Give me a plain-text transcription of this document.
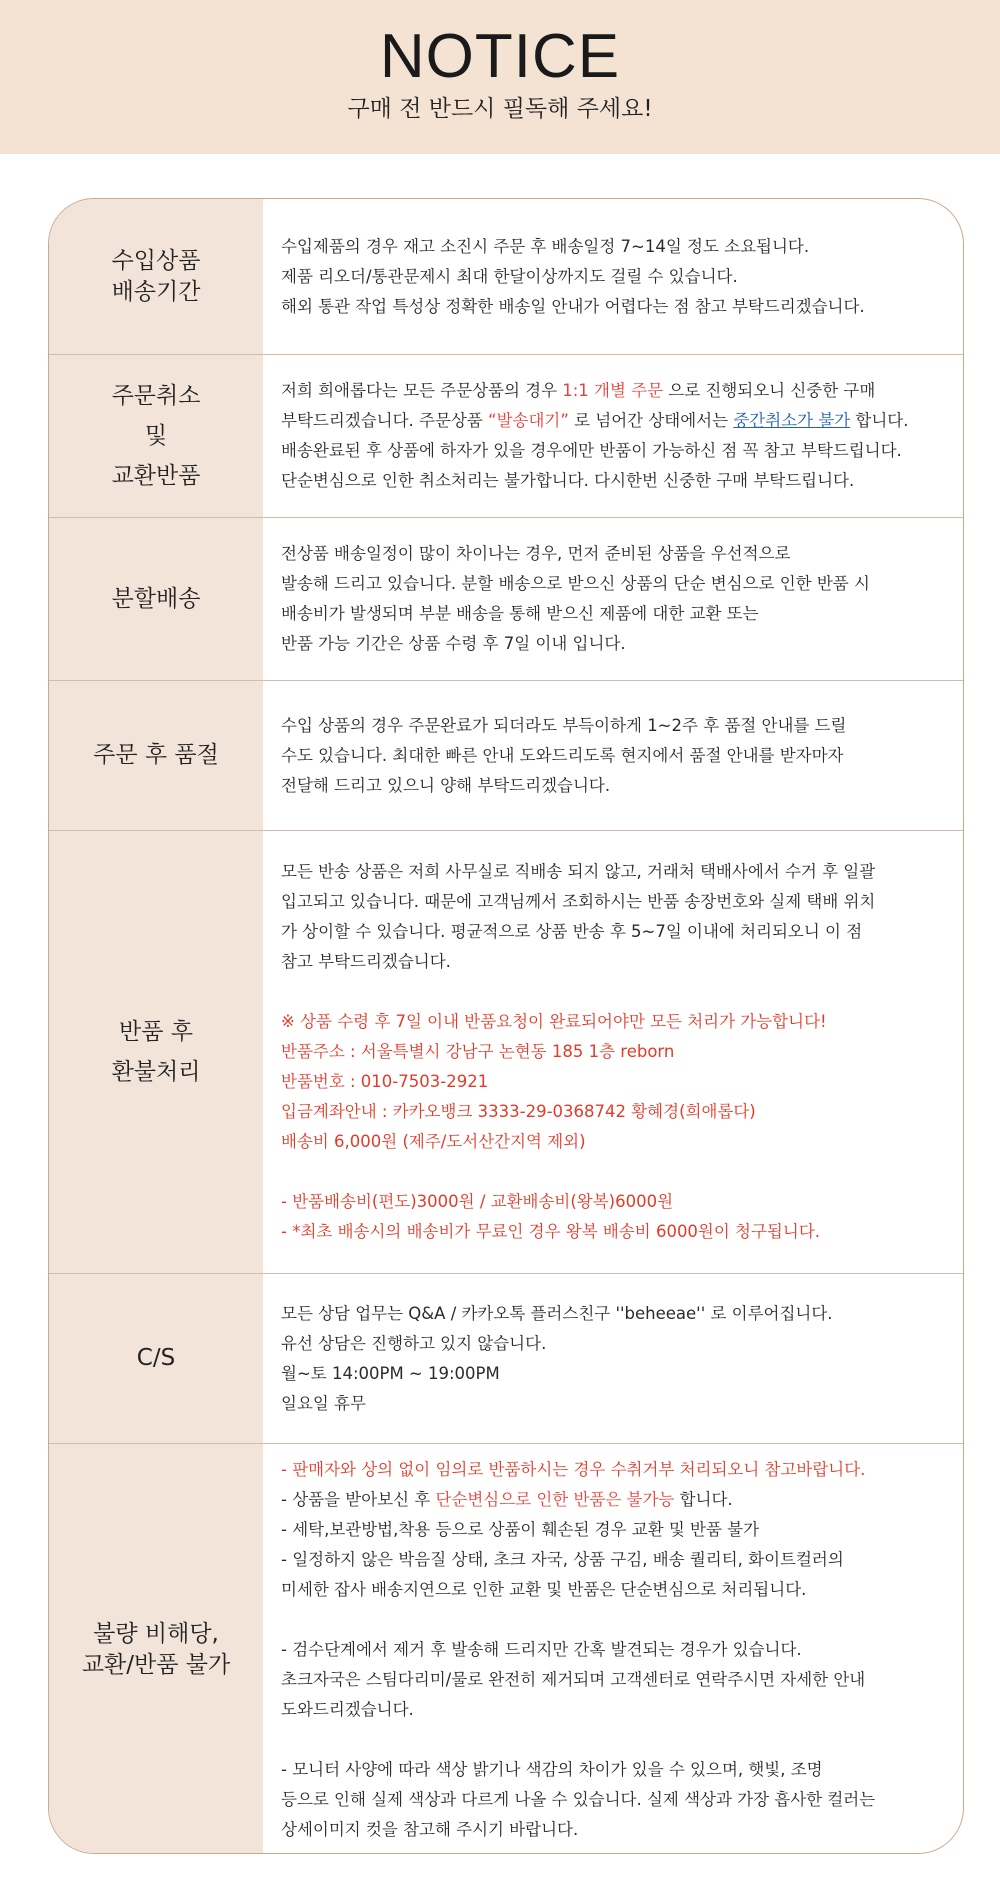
NOTICE
구매 전 반드시 필독해 주세요!
수입상품
배송기간
수입제품의 경우 재고 소진시 주문 후 배송일정 7~14일 정도 소요됩니다.
제품 리오더/통관문제시 최대 한달이상까지도 걸릴 수 있습니다.
해외 통관 작업 특성상 정확한 배송일 안내가 어렵다는 점 참고 부탁드리겠습니다.
주문취소
및
교환반품
저희 희애롭다는 모든 주문상품의 경우 1:1 개별 주문 으로 진행되오니 신중한 구매
부탁드리겠습니다. 주문상품 “발송대기” 로 넘어간 상태에서는 중간취소가 불가 합니다.
배송완료된 후 상품에 하자가 있을 경우에만 반품이 가능하신 점 꼭 참고 부탁드립니다.
단순변심으로 인한 취소처리는 불가합니다. 다시한번 신중한 구매 부탁드립니다.
분할배송
전상품 배송일정이 많이 차이나는 경우, 먼저 준비된 상품을 우선적으로
발송해 드리고 있습니다. 분할 배송으로 받으신 상품의 단순 변심으로 인한 반품 시
배송비가 발생되며 부분 배송을 통해 받으신 제품에 대한 교환 또는
반품 가능 기간은 상품 수령 후 7일 이내 입니다.
주문 후 품절
수입 상품의 경우 주문완료가 되더라도 부득이하게 1~2주 후 품절 안내를 드릴
수도 있습니다. 최대한 빠른 안내 도와드리도록 현지에서 품절 안내를 받자마자
전달해 드리고 있으니 양해 부탁드리겠습니다.
반품 후
환불처리
모든 반송 상품은 저희 사무실로 직배송 되지 않고, 거래처 택배사에서 수거 후 일괄
입고되고 있습니다. 때문에 고객님께서 조회하시는 반품 송장번호와 실제 택배 위치
가 상이할 수 있습니다. 평균적으로 상품 반송 후 5~7일 이내에 처리되오니 이 점
참고 부탁드리겠습니다.
※ 상품 수령 후 7일 이내 반품요청이 완료되어야만 모든 처리가 가능합니다!
반품주소 : 서울특별시 강남구 논현동 185 1층 reborn
반품번호 : 010-7503-2921
입금계좌안내 : 카카오뱅크 3333-29-0368742 황혜경(희애롭다)
배송비 6,000원 (제주/도서산간지역 제외)
- 반품배송비(편도)3000원 / 교환배송비(왕복)6000원
- *최초 배송시의 배송비가 무료인 경우 왕복 배송비 6000원이 청구됩니다.
C/S
모든 상담 업무는 Q&A / 카카오톡 플러스친구 ''beheeae'' 로 이루어집니다.
유선 상담은 진행하고 있지 않습니다.
월~토 14:00PM ~ 19:00PM
일요일 휴무
불량 비해당,
교환/반품 불가
- 판매자와 상의 없이 임의로 반품하시는 경우 수취거부 처리되오니 참고바랍니다.
- 상품을 받아보신 후 단순변심으로 인한 반품은 불가능 합니다.
- 세탁,보관방법,착용 등으로 상품이 훼손된 경우 교환 및 반품 불가
- 일정하지 않은 박음질 상태, 초크 자국, 상품 구김, 배송 퀄리티, 화이트컬러의
미세한 잡사 배송지연으로 인한 교환 및 반품은 단순변심으로 처리됩니다.
- 검수단계에서 제거 후 발송해 드리지만 간혹 발견되는 경우가 있습니다.
초크자국은 스팀다리미/물로 완전히 제거되며 고객센터로 연락주시면 자세한 안내
도와드리겠습니다.
- 모니터 사양에 따라 색상 밝기나 색감의 차이가 있을 수 있으며, 햇빛, 조명
등으로 인해 실제 색상과 다르게 나올 수 있습니다. 실제 색상과 가장 흡사한 컬러는
상세이미지 컷을 참고해 주시기 바랍니다.
